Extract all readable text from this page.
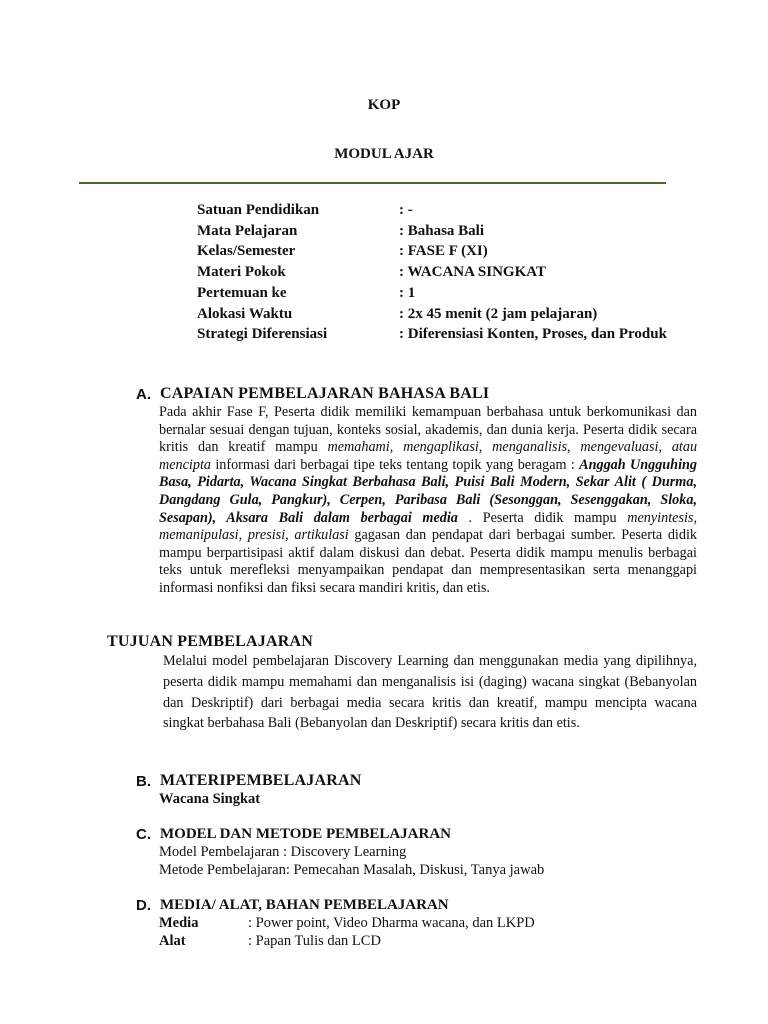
KOP
MODUL AJAR
Satuan Pendidikan	: -
Mata Pelajaran	: Bahasa Bali
Kelas/Semester	: FASE F (XI)
Materi Pokok	: WACANA SINGKAT
Pertemuan ke	: 1
Alokasi Waktu	: 2x 45 menit (2 jam pelajaran)
Strategi Diferensiasi	: Diferensiasi Konten, Proses, dan Produk
A. CAPAIAN PEMBELAJARAN BAHASA BALI
Pada akhir Fase F, Peserta didik memiliki kemampuan berbahasa untuk berkomunikasi dan bernalar sesuai dengan tujuan, konteks sosial, akademis, dan dunia kerja. Peserta didik secara kritis dan kreatif mampu memahami, mengaplikasi, menganalisis, mengevaluasi, atau mencipta informasi dari berbagai tipe teks tentang topik yang beragam : Anggah Ungguhing Basa, Pidarta, Wacana Singkat Berbahasa Bali, Puisi Bali Modern, Sekar Alit ( Durma, Dangdang Gula, Pangkur), Cerpen, Paribasa Bali (Sesonggan, Sesenggakan, Sloka, Sesapan), Aksara Bali dalam berbagai media . Peserta didik mampu menyintesis, memanipulasi, presisi, artikulasi gagasan dan pendapat dari berbagai sumber. Peserta didik mampu berpartisipasi aktif dalam diskusi dan debat. Peserta didik mampu menulis berbagai teks untuk merefleksi menyampaikan pendapat dan mempresentasikan serta menanggapi informasi nonfiksi dan fiksi secara mandiri kritis, dan etis.
TUJUAN PEMBELAJARAN
Melalui model pembelajaran Discovery Learning dan menggunakan media yang dipilihnya, peserta didik mampu memahami dan menganalisis isi (daging) wacana singkat (Bebanyolan dan Deskriptif) dari berbagai media secara kritis dan kreatif, mampu mencipta wacana singkat berbahasa Bali (Bebanyolan dan Deskriptif) secara kritis dan etis.
B. MATERIPEMBELAJARAN
Wacana Singkat
C. MODEL DAN METODE PEMBELAJARAN
Model Pembelajaran : Discovery Learning
Metode Pembelajaran: Pemecahan Masalah, Diskusi, Tanya jawab
D. MEDIA/ ALAT, BAHAN PEMBELAJARAN
Media	: Power point, Video Dharma wacana, dan LKPD
Alat	: Papan Tulis dan LCD
